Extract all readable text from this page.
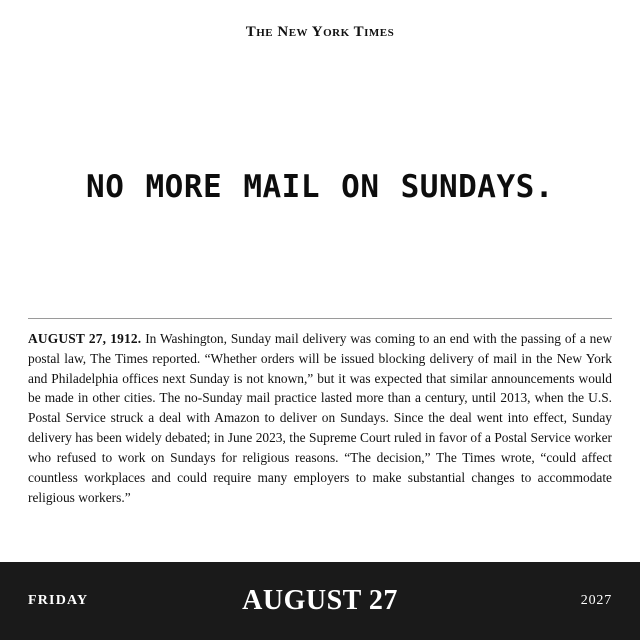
The New York Times
NO MORE MAIL ON SUNDAYS.

AUGUST 27, 1912. In Washington, Sunday mail delivery was coming to an end with the passing of a new postal law, The Times reported. “Whether orders will be issued blocking delivery of mail in the New York and Philadelphia offices next Sunday is not known,” but it was expected that similar announcements would be made in other cities. The no-Sunday mail practice lasted more than a century, until 2013, when the U.S. Postal Service struck a deal with Amazon to deliver on Sundays. Since the deal went into effect, Sunday delivery has been widely debated; in June 2023, the Supreme Court ruled in favor of a Postal Service worker who refused to work on Sundays for religious reasons. “The decision,” The Times wrote, “could affect countless workplaces and could require many employers to make substantial changes to accommodate religious workers.”

FRIDAY	AUGUST 27	2027
